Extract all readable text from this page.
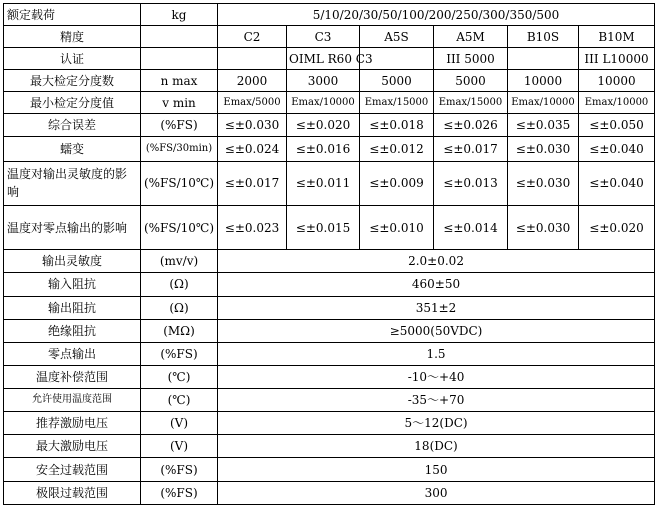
额定载荷	kg	5/10/20/30/50/100/200/250/300/350/500					
精度		C2	C3	A5S	A5M	B10S	B10M
认证			OIML R60 C3		III 5000		III L10000
最大检定分度数	n max	2000	3000	5000	5000	10000	10000
最小检定分度值	v min	Emax/5000	Emax/10000	Emax/15000	Emax/15000	Emax/10000	Emax/10000
综合误差	(%FS)	≤±0.030	≤±0.020	≤±0.018	≤±0.026	≤±0.035	≤±0.050
蠕变	(%FS/30min)	≤±0.024	≤±0.016	≤±0.012	≤±0.017	≤±0.030	≤±0.040
温度对输出灵敏度的影响	(%FS/10℃)	≤±0.017	≤±0.011	≤±0.009	≤±0.013	≤±0.030	≤±0.040
温度对零点输出的影响	(%FS/10℃)	≤±0.023	≤±0.015	≤±0.010	≤±0.014	≤±0.030	≤±0.020
输出灵敏度	(mv/v)	2.0±0.02					
输入阻抗	(Ω)	460±50					
输出阻抗	(Ω)	351±2					
绝缘阻抗	(MΩ)	≥5000(50VDC)					
零点输出	(%FS)	1.5					
温度补偿范围	(℃)	-10～+40					
允许使用温度范围	(℃)	-35～+70					
推荐激励电压	(V)	5～12(DC)					
最大激励电压	(V)	18(DC)					
安全过载范围	(%FS)	150					
极限过载范围	(%FS)	300					
